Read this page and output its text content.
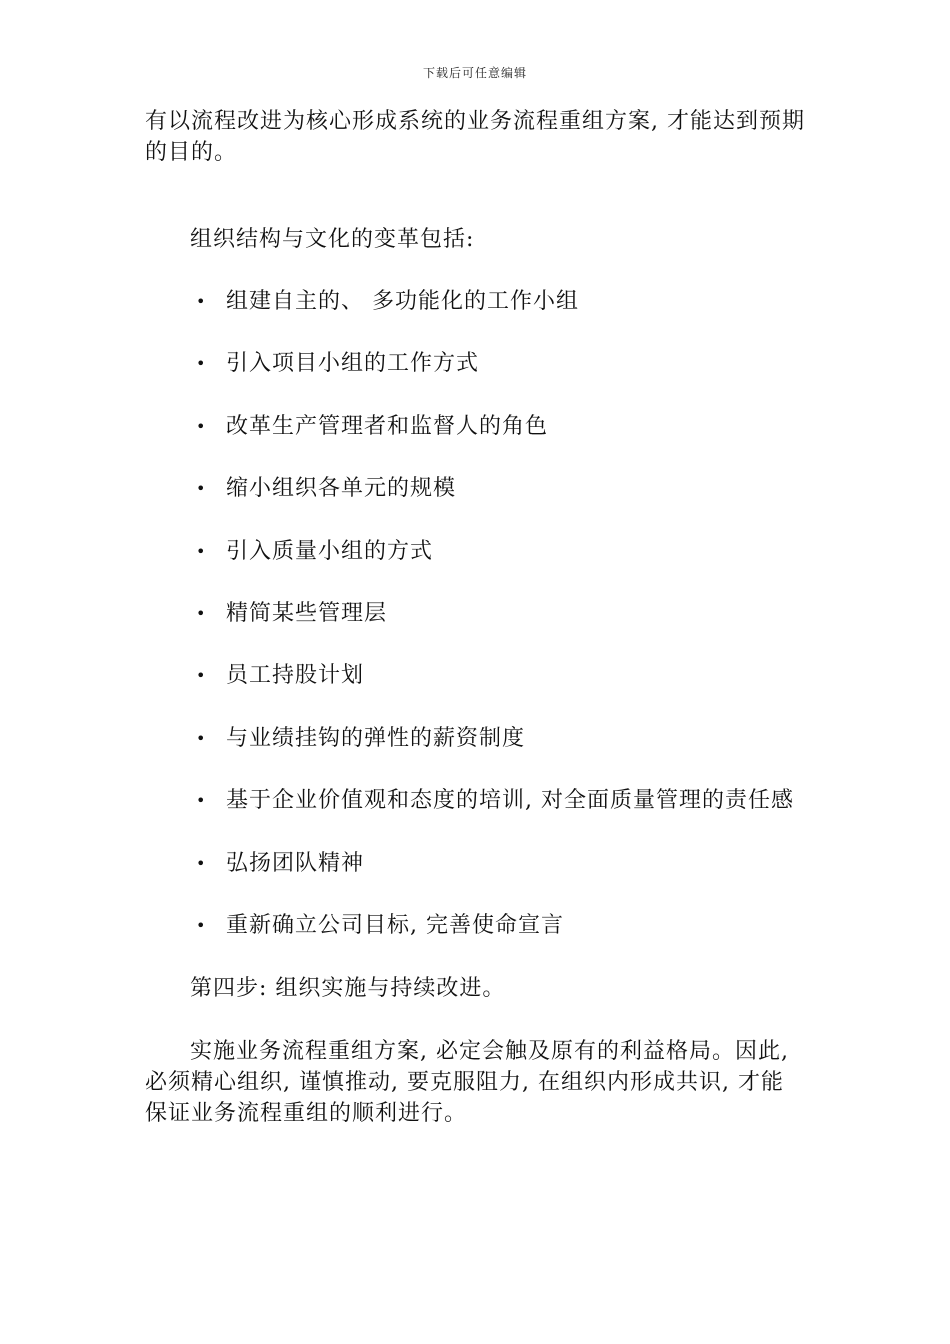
下载后可任意编辑

有以流程改进为核心形成系统的业务流程重组方案, 才能达到预期的目的。

组织结构与文化的变革包括:

• 组建自主的、 多功能化的工作小组
• 引入项目小组的工作方式
• 改革生产管理者和监督人的角色
• 缩小组织各单元的规模
• 引入质量小组的方式
• 精简某些管理层
• 员工持股计划
• 与业绩挂钩的弹性的薪资制度
• 基于企业价值观和态度的培训, 对全面质量管理的责任感
• 弘扬团队精神
• 重新确立公司目标, 完善使命宣言

第四步: 组织实施与持续改进。

实施业务流程重组方案, 必定会触及原有的利益格局。因此, 必须精心组织, 谨慎推动, 要克服阻力, 在组织内形成共识, 才能保证业务流程重组的顺利进行。
